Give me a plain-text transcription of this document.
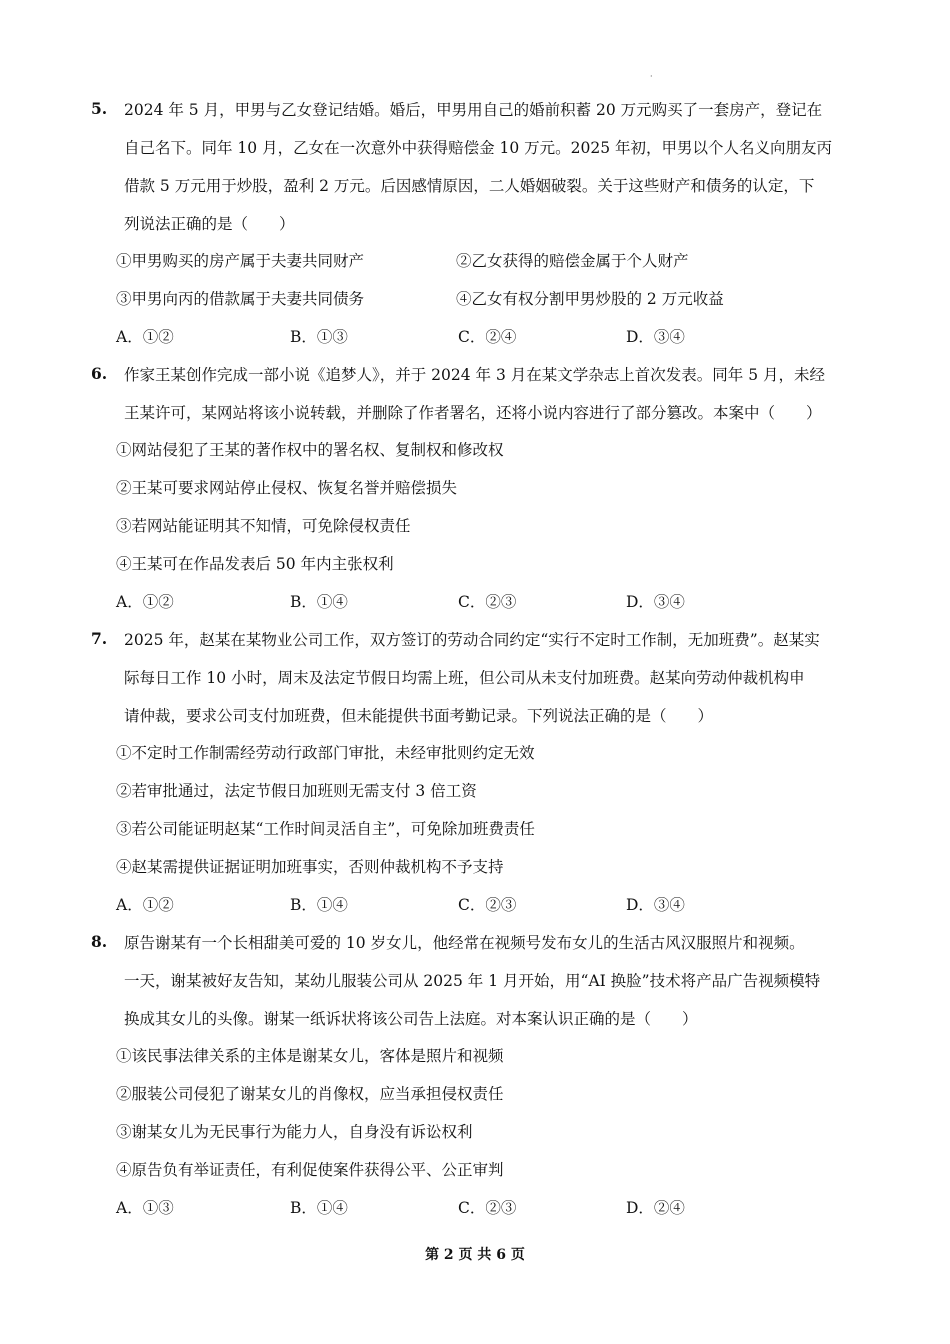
·
5. 2024 年 5 月，甲男与乙女登记结婚。婚后，甲男用自己的婚前积蓄 20 万元购买了一套房产，登记在
自己名下。同年 10 月，乙女在一次意外中获得赔偿金 10 万元。2025 年初，甲男以个人名义向朋友丙
借款 5 万元用于炒股，盈利 2 万元。后因感情原因，二人婚姻破裂。关于这些财产和债务的认定，下
列说法正确的是（　　）
①甲男购买的房产属于夫妻共同财产	②乙女获得的赔偿金属于个人财产
③甲男向丙的借款属于夫妻共同债务	④乙女有权分割甲男炒股的 2 万元收益
A．①②	B．①③	C．②④	D．③④
6. 作家王某创作完成一部小说《追梦人》，并于 2024 年 3 月在某文学杂志上首次发表。同年 5 月，未经
王某许可，某网站将该小说转载，并删除了作者署名，还将小说内容进行了部分篡改。本案中（　　）
①网站侵犯了王某的著作权中的署名权、复制权和修改权
②王某可要求网站停止侵权、恢复名誉并赔偿损失
③若网站能证明其不知情，可免除侵权责任
④王某可在作品发表后 50 年内主张权利
A．①②	B．①④	C．②③	D．③④
7. 2025 年，赵某在某物业公司工作，双方签订的劳动合同约定“实行不定时工作制，无加班费”。赵某实
际每日工作 10 小时，周末及法定节假日均需上班，但公司从未支付加班费。赵某向劳动仲裁机构申
请仲裁，要求公司支付加班费，但未能提供书面考勤记录。下列说法正确的是（　　）
①不定时工作制需经劳动行政部门审批，未经审批则约定无效
②若审批通过，法定节假日加班则无需支付 3 倍工资
③若公司能证明赵某“工作时间灵活自主”，可免除加班费责任
④赵某需提供证据证明加班事实，否则仲裁机构不予支持
A．①②	B．①④	C．②③	D．③④
8. 原告谢某有一个长相甜美可爱的 10 岁女儿，他经常在视频号发布女儿的生活古风汉服照片和视频。
一天，谢某被好友告知，某幼儿服装公司从 2025 年 1 月开始，用“AI 换脸”技术将产品广告视频模特
换成其女儿的头像。谢某一纸诉状将该公司告上法庭。对本案认识正确的是（　　）
①该民事法律关系的主体是谢某女儿，客体是照片和视频
②服装公司侵犯了谢某女儿的肖像权，应当承担侵权责任
③谢某女儿为无民事行为能力人，自身没有诉讼权利
④原告负有举证责任，有利促使案件获得公平、公正审判
A．①③	B．①④	C．②③	D．②④
第 2 页 共 6 页
